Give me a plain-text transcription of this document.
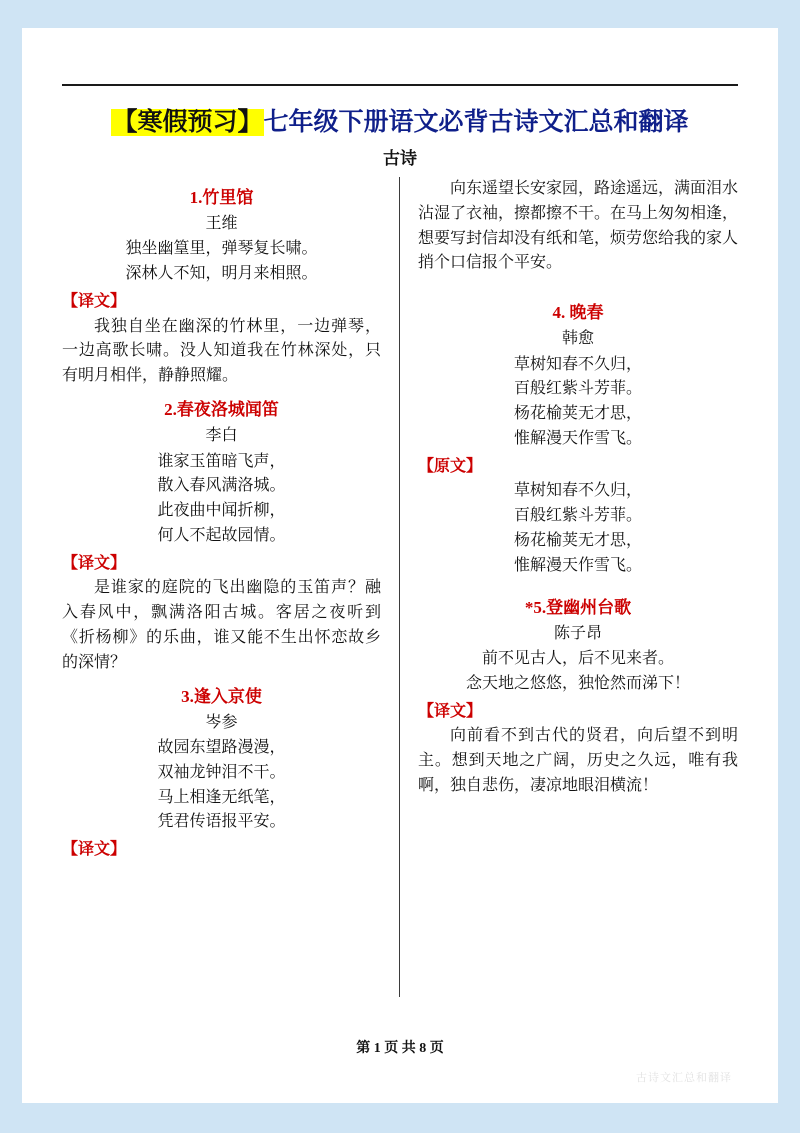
【寒假预习】七年级下册语文必背古诗文汇总和翻译
古诗
1.竹里馆
王维
独坐幽篁里，弹琴复长啸。
深林人不知，明月来相照。
【译文】
我独自坐在幽深的竹林里，一边弹琴，一边高歌长啸。没人知道我在竹林深处，只有明月相伴，静静照耀。
2.春夜洛城闻笛
李白
谁家玉笛暗飞声，
散入春风满洛城。
此夜曲中闻折柳，
何人不起故园情。
【译文】
是谁家的庭院的飞出幽隐的玉笛声？融入春风中，飘满洛阳古城。客居之夜听到《折杨柳》的乐曲，谁又能不生出怀恋故乡的深情？
3.逢入京使
岑参
故园东望路漫漫，
双袖龙钟泪不干。
马上相逢无纸笔，
凭君传语报平安。
【译文】
向东遥望长安家园，路途遥远，满面泪水沾湿了衣袖，擦都擦不干。在马上匆匆相逢，想要写封信却没有纸和笔，烦劳您给我的家人捎个口信报个平安。
4. 晚春
韩愈
草树知春不久归，
百般红紫斗芳菲。
杨花榆荚无才思，
惟解漫天作雪飞。
【原文】
草树知春不久归，
百般红紫斗芳菲。
杨花榆荚无才思，
惟解漫天作雪飞。
*5.登幽州台歌
陈子昂
前不见古人，后不见来者。
念天地之悠悠，独怆然而涕下！
【译文】
向前看不到古代的贤君，向后望不到明主。想到天地之广阔，历史之久远，唯有我啊，独自悲伤，凄凉地眼泪横流！
第 1 页 共 8 页
古诗文汇总和翻译
